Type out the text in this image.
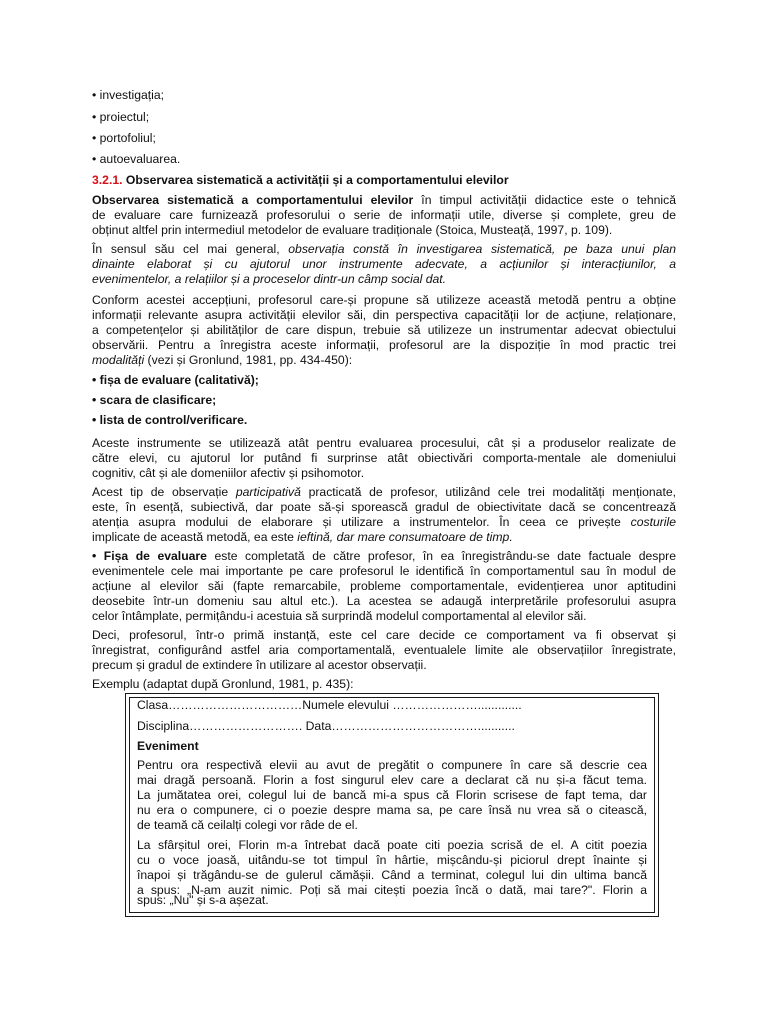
• investigația;
• proiectul;
• portofoliul;
• autoevaluarea.
3.2.1. Observarea sistematică a activității și a comportamentului elevilor
Observarea sistematică a comportamentului elevilor în timpul activității didactice este o tehnică
de evaluare care furnizează profesorului o serie de informații utile, diverse și complete, greu de
obținut altfel prin intermediul metodelor de evaluare tradiționale (Stoica, Musteață, 1997, p. 109).
În sensul său cel mai general, observația constă în investigarea sistematică, pe baza unui plan
dinainte elaborat și cu ajutorul unor instrumente adecvate, a acțiunilor și interacțiunilor, a
evenimentelor, a relațiilor și a proceselor dintr-un câmp social dat.
Conform acestei accepțiuni, profesorul care-și propune să utilizeze această metodă pentru a obține
informații relevante asupra activității elevilor săi, din perspectiva capacității lor de acțiune, relaționare,
a competențelor și abilităților de care dispun, trebuie să utilizeze un instrumentar adecvat obiectului
observării. Pentru a înregistra aceste informații, profesorul are la dispoziție în mod practic trei
modalități (vezi și Gronlund, 1981, pp. 434-450):
• fișa de evaluare (calitativă);
• scara de clasificare;
• lista de control/verificare.
Aceste instrumente se utilizează atât pentru evaluarea procesului, cât și a produselor realizate de
către elevi, cu ajutorul lor putând fi surprinse atât obiectivări comporta-mentale ale domeniului
cognitiv, cât și ale domeniilor afectiv și psihomotor.
Acest tip de observație participativă practicată de profesor, utilizând cele trei modalități menționate,
este, în esență, subiectivă, dar poate să-și sporească gradul de obiectivitate dacă se concentrează
atenția asupra modului de elaborare și utilizare a instrumentelor. În ceea ce privește costurile
implicate de această metodă, ea este ieftină, dar mare consumatoare de timp.
• Fișa de evaluare este completată de către profesor, în ea înregistrându-se date factuale despre
evenimentele cele mai importante pe care profesorul le identifică în comportamentul sau în modul de
acțiune al elevilor săi (fapte remarcabile, probleme comportamentale, evidențierea unor aptitudini
deosebite într-un domeniu sau altul etc.). La acestea se adaugă interpretările profesorului asupra
celor întâmplate, permițându-i acestuia să surprindă modelul comportamental al elevilor săi.
Deci, profesorul, într-o primă instanță, este cel care decide ce comportament va fi observat și
înregistrat, configurând astfel aria comportamentală, eventualele limite ale observațiilor înregistrate,
precum și gradul de extindere în utilizare al acestor observații.
Exemplu (adaptat după Gronlund, 1981, p. 435):
Clasa……………………………Numele elevului ………………….............
Disciplina………………………. Data………………………………...........
Eveniment
Pentru ora respectivă elevii au avut de pregătit o compunere în care să descrie cea
mai dragă persoană. Florin a fost singurul elev care a declarat că nu și-a făcut tema.
La jumătatea orei, colegul lui de bancă mi-a spus că Florin scrisese de fapt tema, dar
nu era o compunere, ci o poezie despre mama sa, pe care însă nu vrea să o citească,
de teamă că ceilalți colegi vor râde de el.
La sfârșitul orei, Florin m-a întrebat dacă poate citi poezia scrisă de el. A citit poezia
cu o voce joasă, uitându-se tot timpul în hârtie, mișcându-și piciorul drept înainte și
înapoi și trăgându-se de gulerul cămășii. Când a terminat, colegul lui din ultima bancă
a spus: „N-am auzit nimic. Poți să mai citești poezia încă o dată, mai tare?". Florin a
spus: „Nu" și s-a așezat.
